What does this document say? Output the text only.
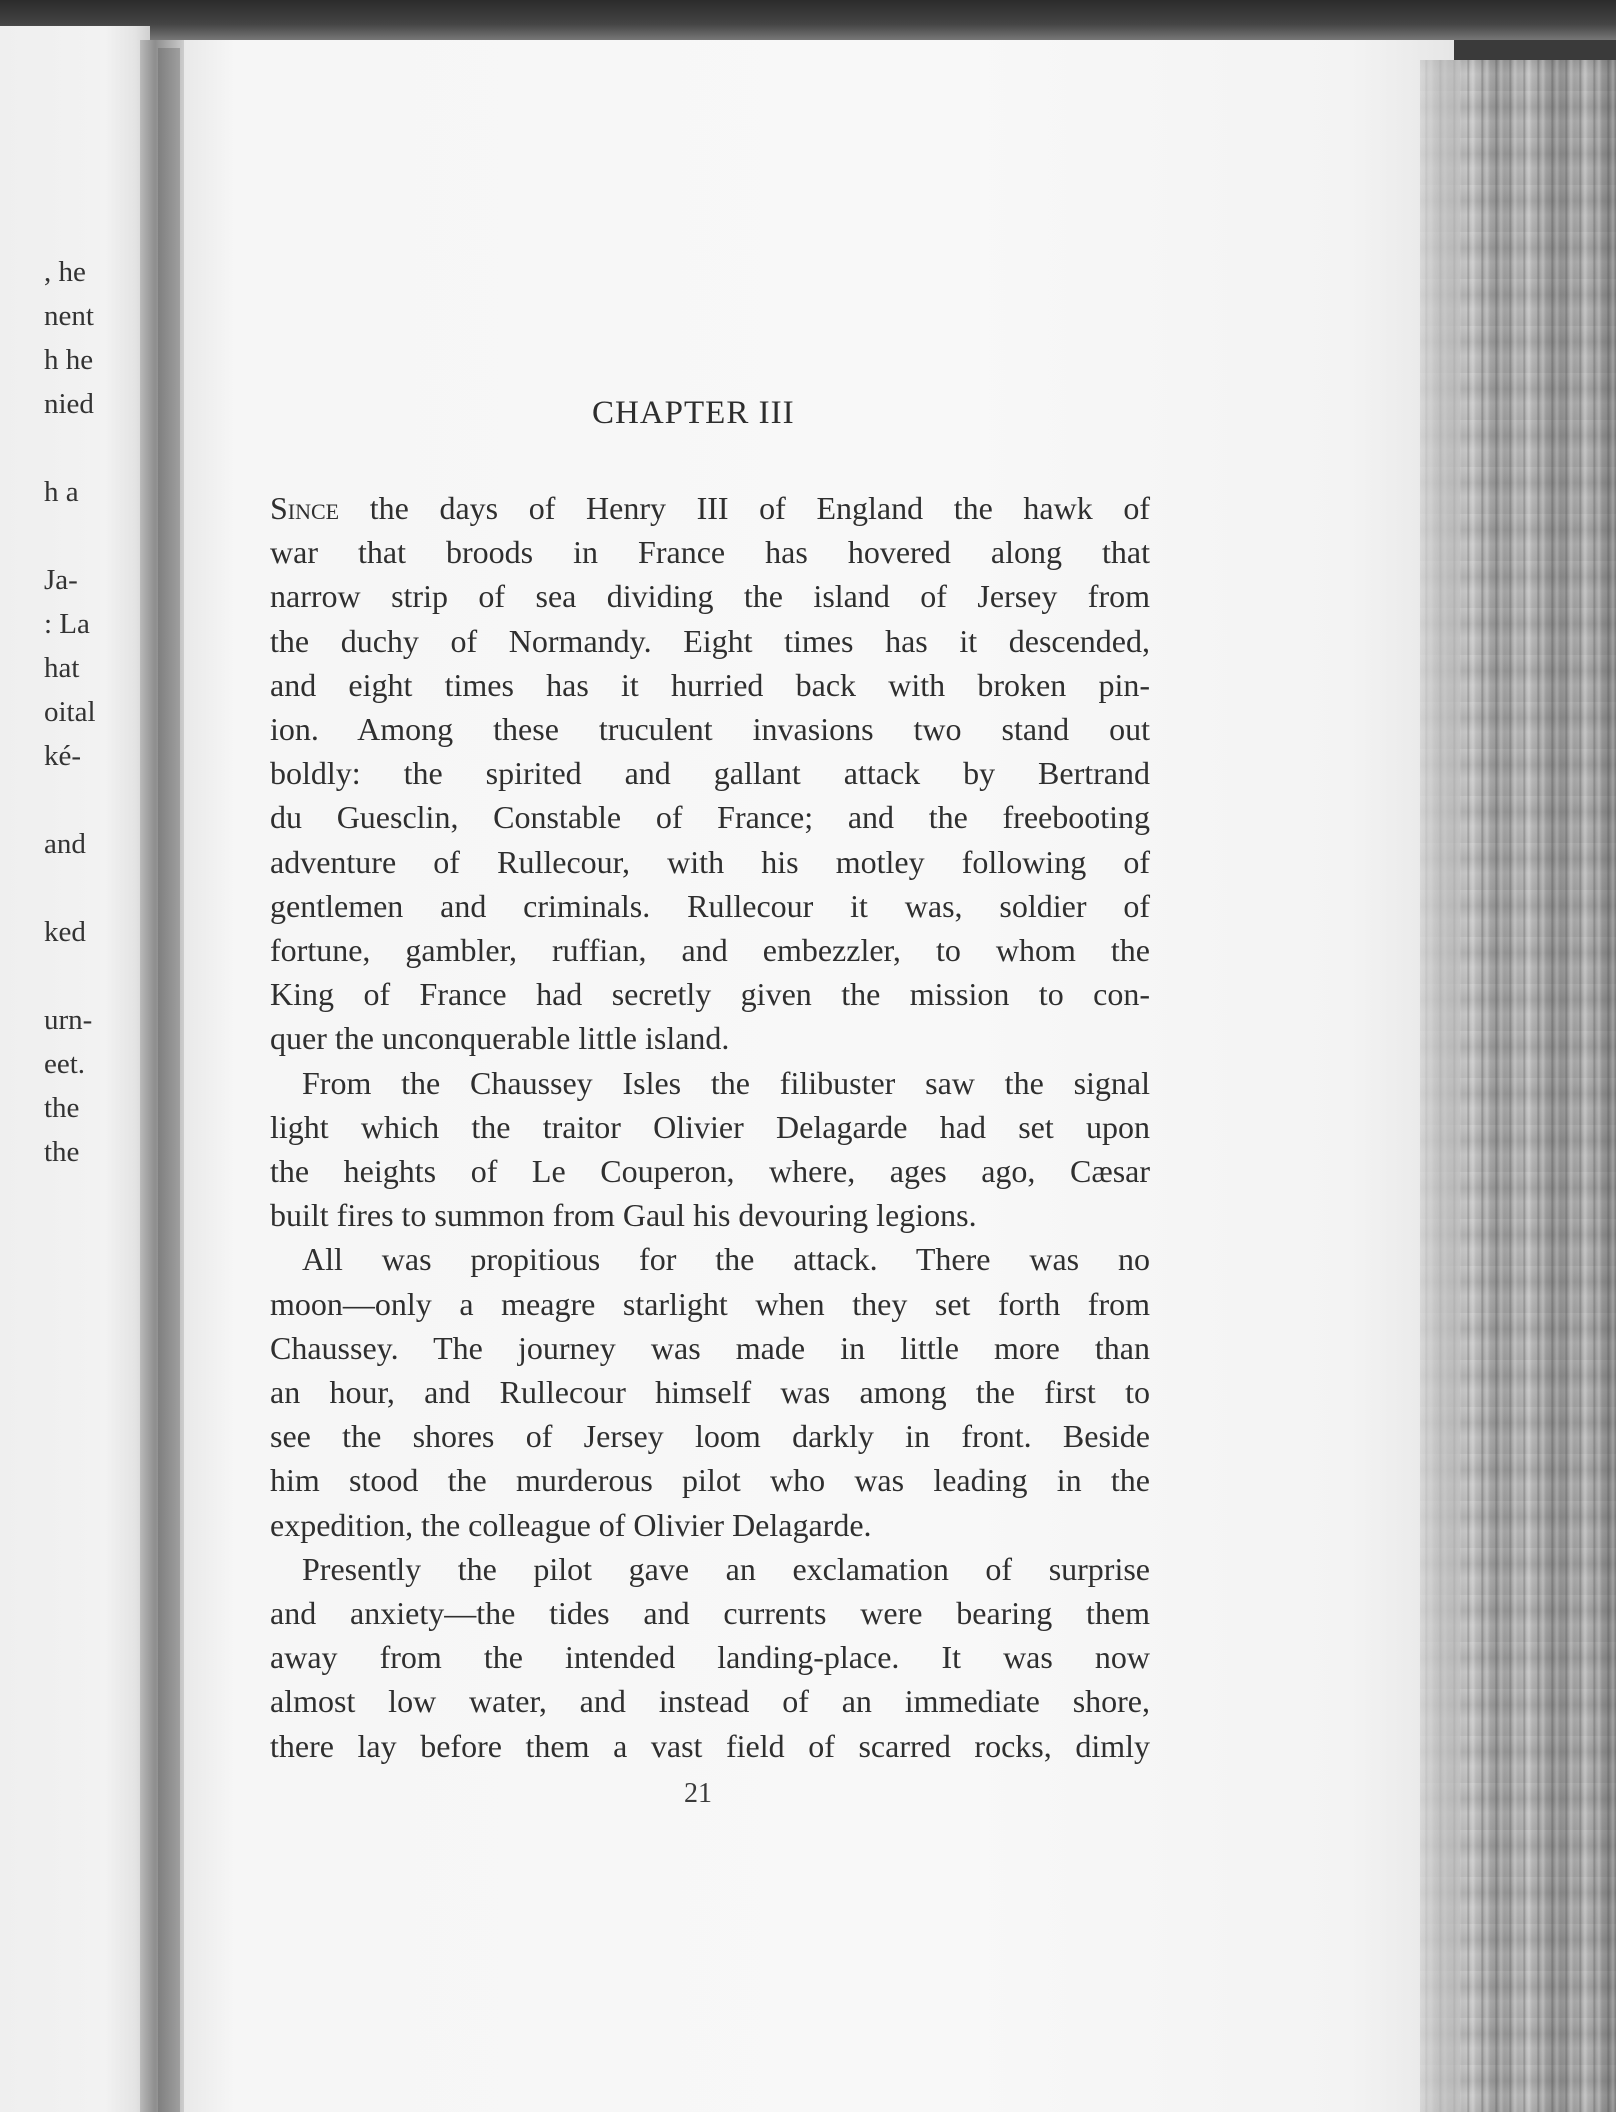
, he
nent
h he
nied
h a
Ja-
: La
hat
oital
ké-
and
ked
urn-
eet.
the
the
CHAPTER III
Since the days of Henry III of England the hawk of
war that broods in France has hovered along that
narrow strip of sea dividing the island of Jersey from
the duchy of Normandy. Eight times has it descended,
and eight times has it hurried back with broken pin-
ion. Among these truculent invasions two stand out
boldly: the spirited and gallant attack by Bertrand
du Guesclin, Constable of France; and the freebooting
adventure of Rullecour, with his motley following of
gentlemen and criminals. Rullecour it was, soldier of
fortune, gambler, ruffian, and embezzler, to whom the
King of France had secretly given the mission to con-
quer the unconquerable little island.
From the Chaussey Isles the filibuster saw the signal
light which the traitor Olivier Delagarde had set upon
the heights of Le Couperon, where, ages ago, Cæsar
built fires to summon from Gaul his devouring legions.
All was propitious for the attack. There was no
moon—only a meagre starlight when they set forth from
Chaussey. The journey was made in little more than
an hour, and Rullecour himself was among the first to
see the shores of Jersey loom darkly in front. Beside
him stood the murderous pilot who was leading in the
expedition, the colleague of Olivier Delagarde.
Presently the pilot gave an exclamation of surprise
and anxiety—the tides and currents were bearing them
away from the intended landing-place. It was now
almost low water, and instead of an immediate shore,
there lay before them a vast field of scarred rocks, dimly
21
